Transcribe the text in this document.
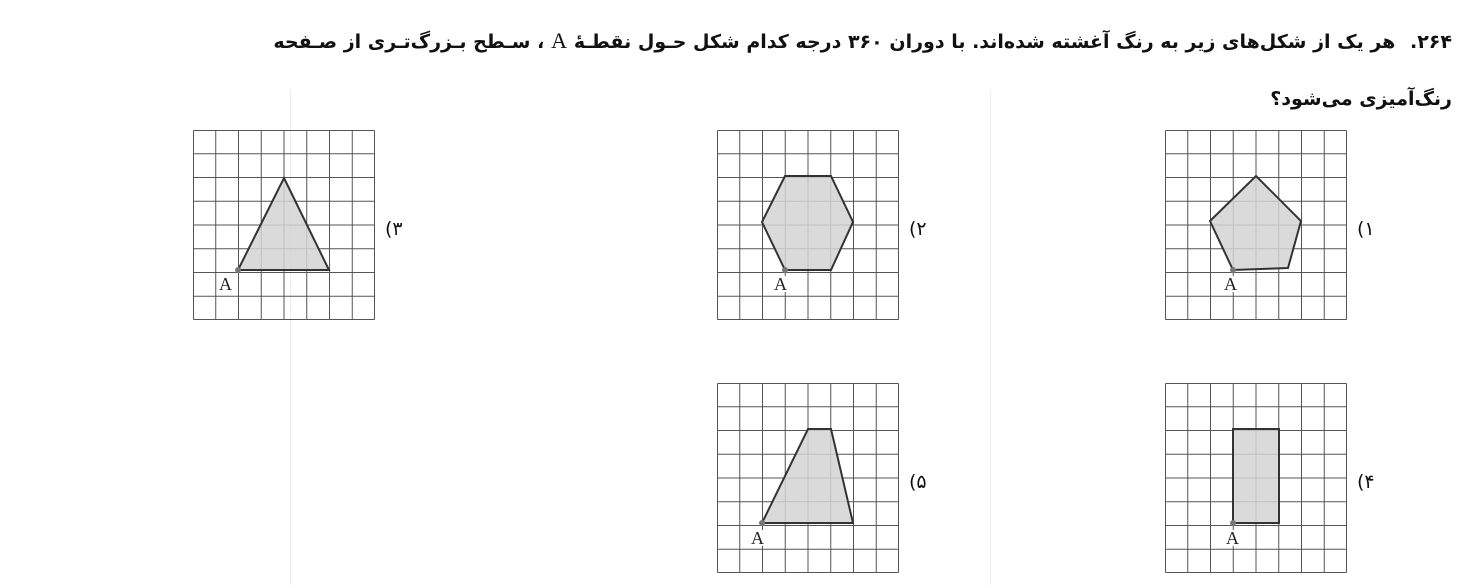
۲۶۴. هر یک از شکل‌های زیر به رنگ آغشته شده‌اند. با دوران ۳۶۰ درجه کدام شکل حـول نقطـهٔ A ، سـطح بـزرگ‌تـری از صـفحه
رنگ‌آمیزی می‌شود؟
A
(۱
A
(۲
A
(۳
A
(۴
A
(۵
